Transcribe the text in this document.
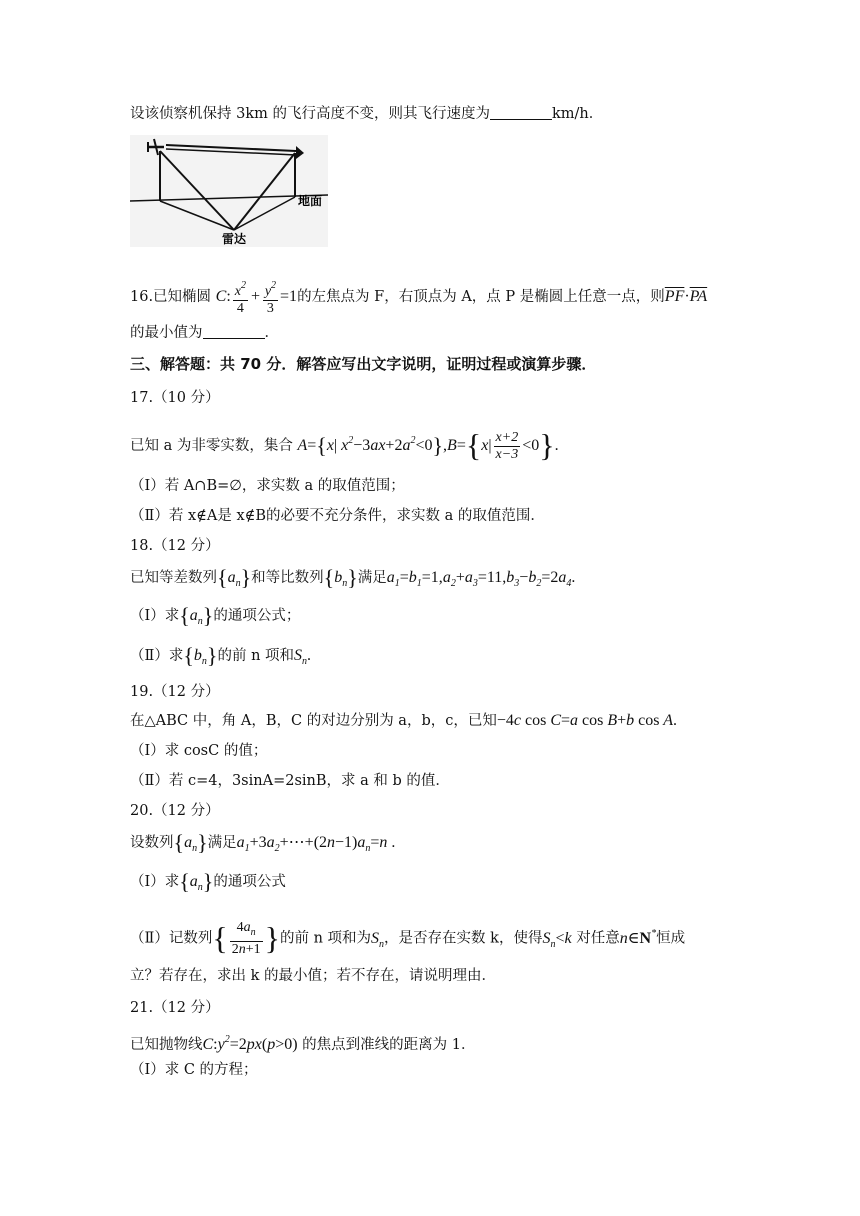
设该侦察机保持 3km 的飞行高度不变，则其飞行速度为	km/h．
地面
雷达
16.已知椭圆 C: $\frac{x^2}{4} + \frac{y^2}{3} =1$的左焦点为 F，右顶点为 A，点 P 是椭圆上任意一点，则$\overline{PF}\cdot\overline{PA}$
的最小值为	．
三、解答题：共 70 分．解答应写出文字说明，证明过程或演算步骤．
17.（10 分）
已知 a 为非零实数，集合 A={x| $x^2-3ax+2a^2<0\},B=\{x| \frac{x+2}{x-3} <0\}$.
（Ⅰ）若 A∩B=∅，求实数 a 的取值范围；
（Ⅱ）若 x∉A是 x∉B的必要不充分条件，求实数 a 的取值范围．
18.（12 分）
已知等差数列$\{a_n\}$和等比数列$\{b_n\}$满足$a_1=b_1=1,a_2+a_3=11,b_3-b_2=2a_4$.
（Ⅰ）求$\{a_n\}$的通项公式；
（Ⅱ）求$\{b_n\}$的前 n 项和$S_n$.
19.（12 分）
在△ABC 中，角 A，B，C 的对边分别为 a，b，c，已知−4c cos C=a cos B+b cos A.
（Ⅰ）求 cosC 的值；
（Ⅱ）若 c=4，3sinA=2sinB，求 a 和 b 的值．
20.（12 分）
设数列$\{a_n\}$满足$a_1+3a_2+\cdots+(2n-1)a_n=n$ .
（Ⅰ）求$\{a_n\}$的通项公式
（Ⅱ）记数列{ $\frac{4a_n}{2n+1}$ }的前 n 项和为$S_n$，是否存在实数 k，使得$S_n<k$ 对任意n∈N*恒成
立？若存在，求出 k 的最小值；若不存在，请说明理由．
21.（12 分）
已知抛物线$C:y^2=2px(p>0)$ 的焦点到准线的距离为 1．
（Ⅰ）求 C 的方程；
